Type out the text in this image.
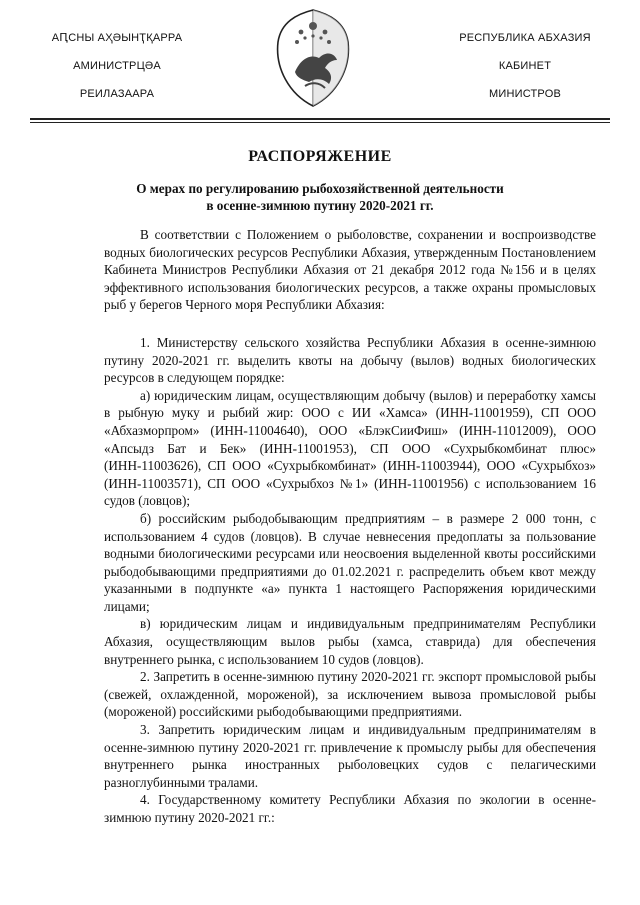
АԤСНЫ АҲӘЫНҬҚАРРА
АМИНИСТРЦӘА
РЕИЛАЗААРА
РЕСПУБЛИКА АБХАЗИЯ
КАБИНЕТ
МИНИСТРОВ
РАСПОРЯЖЕНИЕ
О мерах по регулированию рыбохозяйственной деятельности
в осенне-зимнюю путину 2020-2021 гг.

В соответствии с Положением о рыболовстве, сохранении и воспроизводстве водных биологических ресурсов Республики Абхазия, утвержденным Постановлением Кабинета Министров Республики Абхазия от 21 декабря 2012 года №156 и в целях эффективного использования биологических ресурсов, а также охраны промысловых рыб у берегов Черного моря Республики Абхазия:

1. Министерству сельского хозяйства Республики Абхазия в осенне-зимнюю путину 2020-2021 гг. выделить квоты на добычу (вылов) водных биологических ресурсов в следующем порядке:

а) юридическим лицам, осуществляющим добычу (вылов) и переработку хамсы в рыбную муку и рыбий жир: ООО с ИИ «Хамса» (ИНН-11001959), СП ООО «Абхазморпром» (ИНН-11004640), ООО «БлэкСииФиш» (ИНН-11012009), ООО «Апсыдз Бат и Бек» (ИНН-11001953), СП ООО «Сухрыбкомбинат плюс» (ИНН-11003626), СП ООО «Сухрыбкомбинат» (ИНН-11003944), ООО «Сухрыбхоз» (ИНН-11003571), СП ООО «Сухрыбхоз №1» (ИНН-11001956) с использованием 16 судов (ловцов);

б) российским рыбодобывающим предприятиям – в размере 2 000 тонн, с использованием 4 судов (ловцов). В случае невнесения предоплаты за пользование водными биологическими ресурсами или неосвоения выделенной квоты российскими рыбодобывающими предприятиями до 01.02.2021 г. распределить объем квот между указанными в подпункте «а» пункта 1 настоящего Распоряжения юридическими лицами;

в) юридическим лицам и индивидуальным предпринимателям Республики Абхазия, осуществляющим вылов рыбы (хамса, ставрида) для обеспечения внутреннего рынка, с использованием 10 судов (ловцов).

2. Запретить в осенне-зимнюю путину 2020-2021 гг. экспорт промысловой рыбы (свежей, охлажденной, мороженой), за исключением вывоза промысловой рыбы (мороженой) российскими рыбодобывающими предприятиями.

3. Запретить юридическим лицам и индивидуальным предпринимателям в осенне-зимнюю путину 2020-2021 гг. привлечение к промыслу рыбы для обеспечения внутреннего рынка иностранных рыболовецких судов с пелагическими разноглубинными тралами.

4. Государственному комитету Республики Абхазия по экологии в осенне-зимнюю путину 2020-2021 гг.:
